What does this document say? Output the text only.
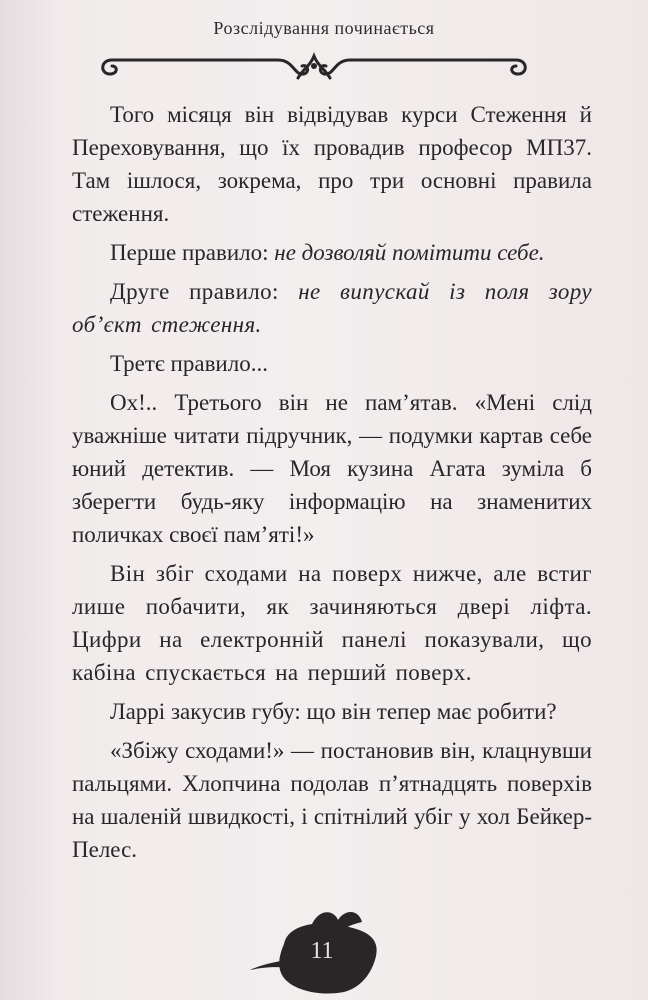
Розслідування починається

Того місяця він відвідував курси Стеження й Переховування, що їх провадив професор МП37. Там ішлося, зокрема, про три основні правила стеження.

Перше правило: не дозволяй помітити себе.

Друге правило: не випускай із поля зору об’єкт стеження.

Третє правило...

Ох!.. Третього він не пам’ятав. «Мені слід уважніше читати підручник, — подумки картав себе юний детектив. — Моя кузина Агата зуміла б зберегти будь-яку інформацію на знаменитих поличках своєї пам’яті!»

Він збіг сходами на поверх нижче, але встиг лише побачити, як зачиняються двері ліфта. Цифри на електронній панелі показували, що кабіна спускається на перший поверх.

Ларрі закусив губу: що він тепер має робити?

«Збіжу сходами!» — постановив він, клацнувши пальцями. Хлопчина подолав п’ятнадцять поверхів на шаленій швидкості, і спітнілий убіг у хол Бейкер-Пелес.

11
